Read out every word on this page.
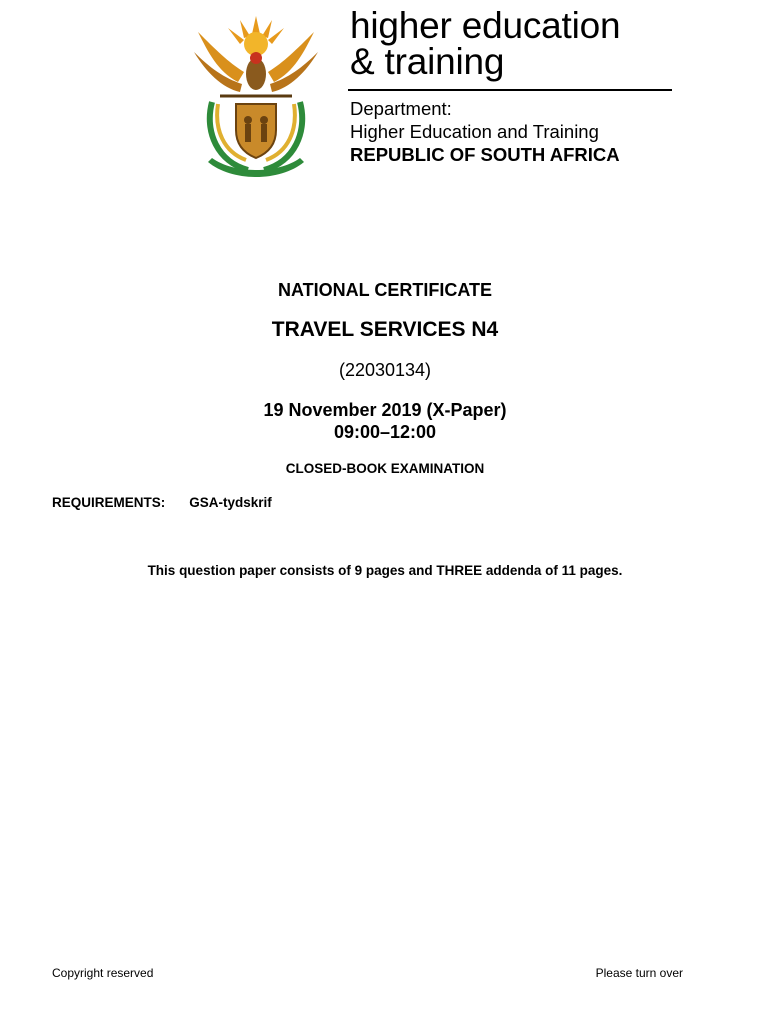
higher education
& training
Department:
Higher Education and Training
REPUBLIC OF SOUTH AFRICA
NATIONAL CERTIFICATE
TRAVEL SERVICES N4
(22030134)
19 November 2019 (X-Paper)
09:00–12:00
CLOSED-BOOK EXAMINATION
REQUIREMENTS: GSA-tydskrif
This question paper consists of 9 pages and THREE addenda of 11 pages.
Copyright reserved	Please turn over
